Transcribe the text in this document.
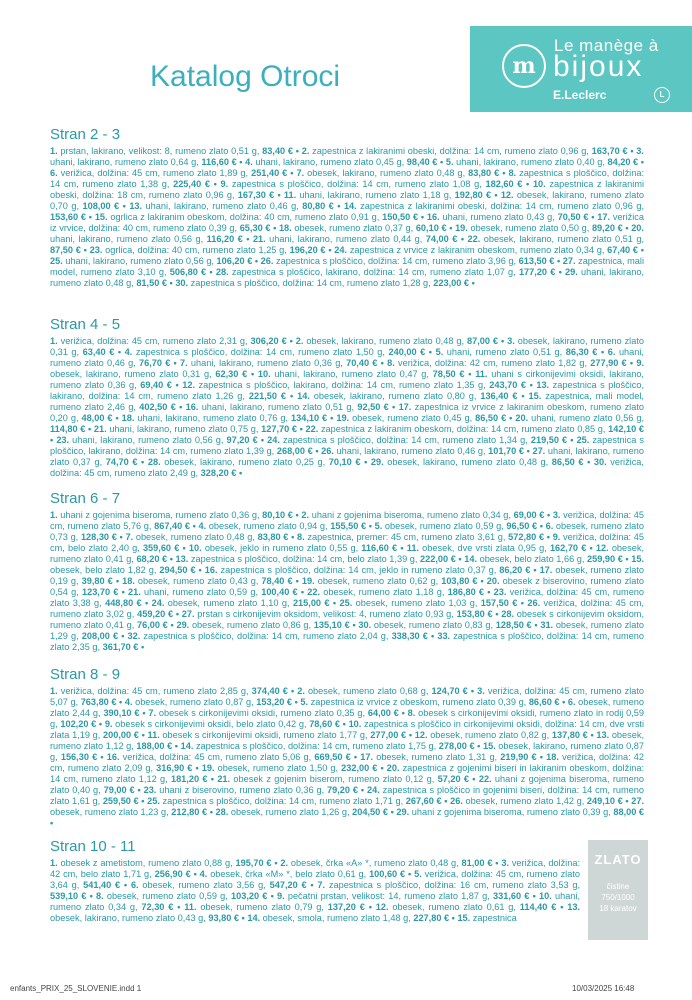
m
Le manège à
bijoux
E.Leclerc	L
Katalog Otroci
Stran 2 - 3

1. prstan, lakirano, velikost: 8, rumeno zlato 0,51 g, 83,40 € • 2. zapestnica z lakiranimi obeski, dolžina: 14 cm, rumeno zlato 0,96 g, 163,70 € • 3. uhani, lakirano, rumeno zlato 0,64 g, 116,60 € • 4. uhani, lakirano, rumeno zlato 0,45 g, 98,40 € • 5. uhani, lakirano, rumeno zlato 0,40 g, 84,20 € • 6. verižica, dolžina: 45 cm, rumeno zlato 1,89 g, 251,40 € • 7. obesek, lakirano, rumeno zlato 0,48 g, 83,80 € • 8. zapestnica s ploščico, dolžina: 14 cm, rumeno zlato 1,38 g, 225,40 € • 9. zapestnica s ploščico, dolžina: 14 cm, rumeno zlato 1,08 g, 182,60 € • 10. zapestnica z lakiranimi obeski, dolžina: 18 cm, rumeno zlato 0,96 g, 167,30 € • 11. uhani, lakirano, rumeno zlato 1,18 g, 192,80 € • 12. obesek, lakirano, rumeno zlato 0,70 g, 108,00 € • 13. uhani, lakirano, rumeno zlato 0,46 g, 80,80 € • 14. zapestnica z lakiranimi obeski, dolžina: 14 cm, rumeno zlato 0,96 g, 153,60 € • 15. ogrlica z lakiranim obeskom, dolžina: 40 cm, rumeno zlato 0,91 g, 150,50 € • 16. uhani, rumeno zlato 0,43 g, 70,50 € • 17. verižica iz vrvice, dolžina: 40 cm, rumeno zlato 0,39 g, 65,30 € • 18. obesek, rumeno zlato 0,37 g, 60,10 € • 19. obesek, rumeno zlato 0,50 g, 89,20 € • 20. uhani, lakirano, rumeno zlato 0,56 g, 116,20 € • 21. uhani, lakirano, rumeno zlato 0,44 g, 74,00 € • 22. obesek, lakirano, rumeno zlato 0,51 g, 87,50 € • 23. ogrlica, dolžina: 40 cm, rumeno zlato 1,25 g, 196,20 € • 24. zapestnica z vrvice z lakiranim obeskom, rumeno zlato 0,34 g, 67,40 € • 25. uhani, lakirano, rumeno zlato 0,56 g, 106,20 € • 26. zapestnica s ploščico, dolžina: 14 cm, rumeno zlato 3,96 g, 613,50 € • 27. zapestnica, mali model, rumeno zlato 3,10 g, 506,80 € • 28. zapestnica s ploščico, lakirano, dolžina: 14 cm, rumeno zlato 1,07 g, 177,20 € • 29. uhani, lakirano, rumeno zlato 0,48 g, 81,50 € • 30. zapestnica s ploščico, dolžina: 14 cm, rumeno zlato 1,28 g, 223,00 € •

Stran 4 - 5

1. verižica, dolžina: 45 cm, rumeno zlato 2,31 g, 306,20 € • 2. obesek, lakirano, rumeno zlato 0,48 g, 87,00 € • 3. obesek, lakirano, rumeno zlato 0,31 g, 63,40 € • 4. zapestnica s ploščico, dolžina: 14 cm, rumeno zlato 1,50 g, 240,00 € • 5. uhani, rumeno zlato 0,51 g, 86,30 € • 6. uhani, rumeno zlato 0,46 g, 76,70 € • 7. uhani, lakirano, rumeno zlato 0,36 g, 70,40 € • 8. verižica, dolžina: 42 cm, rumeno zlato 1,82 g, 277,90 € • 9. obesek, lakirano, rumeno zlato 0,31 g, 62,30 € • 10. uhani, lakirano, rumeno zlato 0,47 g, 78,50 € • 11. uhani s cirkonijevimi oksidi, lakirano, rumeno zlato 0,36 g, 69,40 € • 12. zapestnica s ploščico, lakirano, dolžina: 14 cm, rumeno zlato 1,35 g, 243,70 € • 13. zapestnica s ploščico, lakirano, dolžina: 14 cm, rumeno zlato 1,26 g, 221,50 € • 14. obesek, lakirano, rumeno zlato 0,80 g, 136,40 € • 15. zapestnica, mali model, rumeno zlato 2,46 g, 402,50 € • 16. uhani, lakirano, rumeno zlato 0,51 g, 92,50 € • 17. zapestnica iz vrvice z lakiranim obeskom, rumeno zlato 0,20 g, 48,00 € • 18. uhani, lakirano, rumeno zlato 0,76 g, 134,10 € • 19. obesek, rumeno zlato 0,45 g, 86,50 € • 20. uhani, rumeno zlato 0,56 g, 114,80 € • 21. uhani, lakirano, rumeno zlato 0,75 g, 127,70 € • 22. zapestnica z lakiranim obeskom, dolžina: 14 cm, rumeno zlato 0,85 g, 142,10 € • 23. uhani, lakirano, rumeno zlato 0,56 g, 97,20 € • 24. zapestnica s ploščico, dolžina: 14 cm, rumeno zlato 1,34 g, 219,50 € • 25. zapestnica s ploščico, lakirano, dolžina: 14 cm, rumeno zlato 1,39 g, 268,00 € • 26. uhani, lakirano, rumeno zlato 0,46 g, 101,70 € • 27. uhani, lakirano, rumeno zlato 0,37 g, 74,70 € • 28. obesek, lakirano, rumeno zlato 0,25 g, 70,10 € • 29. obesek, lakirano, rumeno zlato 0,48 g, 86,50 € • 30. verižica, dolžina: 45 cm, rumeno zlato 2,49 g, 328,20 € •

Stran 6 - 7

1. uhani z gojenima biseroma, rumeno zlato 0,36 g, 80,10 € • 2. uhani z gojenima biseroma, rumeno zlato 0,34 g, 69,00 € • 3. verižica, dolžina: 45 cm, rumeno zlato 5,76 g, 867,40 € • 4. obesek, rumeno zlato 0,94 g, 155,50 € • 5. obesek, rumeno zlato 0,59 g, 96,50 € • 6. obesek, rumeno zlato 0,73 g, 128,30 € • 7. obesek, rumeno zlato 0,48 g, 83,80 € • 8. zapestnica, premer: 45 cm, rumeno zlato 3,61 g, 572,80 € • 9. verižica, dolžina: 45 cm, belo zlato 2,40 g, 359,60 € • 10. obesek, jeklo in rumeno zlato 0,55 g, 116,60 € • 11. obesek, dve vrsti zlata 0,95 g, 162,70 € • 12. obesek, rumeno zlato 0,41 g, 68,20 € • 13. zapestnica s ploščico, dolžina: 14 cm, belo zlato 1,39 g, 222,00 € • 14. obesek, belo zlato 1,66 g, 259,90 € • 15. obesek, belo zlato 1,82 g, 294,50 € • 16. zapestnica s ploščico, dolžina: 14 cm, jeklo in rumeno zlato 0,37 g, 86,20 € • 17. obesek, rumeno zlato 0,19 g, 39,80 € • 18. obesek, rumeno zlato 0,43 g, 78,40 € • 19. obesek, rumeno zlato 0,62 g, 103,80 € • 20. obesek z biserovino, rumeno zlato 0,54 g, 123,70 € • 21. uhani, rumeno zlato 0,59 g, 100,40 € • 22. obesek, rumeno zlato 1,18 g, 186,80 € • 23. verižica, dolžina: 45 cm, rumeno zlato 3,38 g, 448,80 € • 24. obesek, rumeno zlato 1,10 g, 215,00 € • 25. obesek, rumeno zlato 1,03 g, 157,50 € • 26. verižica, dolžina: 45 cm, rumeno zlato 3,02 g, 459,20 € • 27. prstan s cirkonijevim oksidom, velikost: 4, rumeno zlato 0,93 g, 153,80 € • 28. obesek s cirkonijevim oksidom, rumeno zlato 0,41 g, 76,00 € • 29. obesek, rumeno zlato 0,86 g, 135,10 € • 30. obesek, rumeno zlato 0,83 g, 128,50 € • 31. obesek, rumeno zlato 1,29 g, 208,00 € • 32. zapestnica s ploščico, dolžina: 14 cm, rumeno zlato 2,04 g, 338,30 € • 33. zapestnica s ploščico, dolžina: 14 cm, rumeno zlato 2,35 g, 361,70 € •

Stran 8 - 9

1. verižica, dolžina: 45 cm, rumeno zlato 2,85 g, 374,40 € • 2. obesek, rumeno zlato 0,68 g, 124,70 € • 3. verižica, dolžina: 45 cm, rumeno zlato 5,07 g, 763,80 € • 4. obesek, rumeno zlato 0,87 g, 153,20 € • 5. zapestnica iz vrvice z obeskom, rumeno zlato 0,39 g, 86,60 € • 6. obesek, rumeno zlato 2,44 g, 390,10 € • 7. obesek s cirkonijevimi oksidi, rumeno zlato 0,35 g, 64,00 € • 8. obesek s cirkonijevimi oksidi, rumeno zlato in rodij 0,59 g, 102,20 € • 9. obesek s cirkonijevimi oksidi, belo zlato 0,42 g, 78,60 € • 10. zapestnica s ploščico in cirkonijevimi oksidi, dolžina: 14 cm, dve vrsti zlata 1,19 g, 200,00 € • 11. obesek s cirkonijevimi oksidi, rumeno zlato 1,77 g, 277,00 € • 12. obesek, rumeno zlato 0,82 g, 137,80 € • 13. obesek, rumeno zlato 1,12 g, 188,00 € • 14. zapestnica s ploščico, dolžina: 14 cm, rumeno zlato 1,75 g, 278,00 € • 15. obesek, lakirano, rumeno zlato 0,87 g, 156,30 € • 16. verižica, dolžina: 45 cm, rumeno zlato 5,06 g, 669,50 € • 17. obesek, rumeno zlato 1,31 g, 219,90 € • 18. verižica, dolžina: 42 cm, rumeno zlato 2,09 g, 316,90 € • 19. obesek, rumeno zlato 1,50 g, 232,00 € • 20. zapestnica z gojenimi biseri in lakiranim obeskom, dolžina: 14 cm, rumeno zlato 1,12 g, 181,20 € • 21. obesek z gojenim biserom, rumeno zlato 0,12 g, 57,20 € • 22. uhani z gojenima biseroma, rumeno zlato 0,40 g, 79,00 € • 23. uhani z biserovino, rumeno zlato 0,36 g, 79,20 € • 24. zapestnica s ploščico in gojenimi biseri, dolžina: 14 cm, rumeno zlato 1,61 g, 259,50 € • 25. zapestnica s ploščico, dolžina: 14 cm, rumeno zlato 1,71 g, 267,60 € • 26. obesek, rumeno zlato 1,42 g, 249,10 € • 27. obesek, rumeno zlato 1,23 g, 212,80 € • 28. obesek, rumeno zlato 1,26 g, 204,50 € • 29. uhani z gojenima biseroma, rumeno zlato 0,39 g, 88,00 € •

Stran 10 - 11

1. obesek z ametistom, rumeno zlato 0,88 g, 195,70 € • 2. obesek, črka «A» *, rumeno zlato 0,48 g, 81,00 € • 3. verižica, dolžina: 42 cm, belo zlato 1,71 g, 256,90 € • 4. obesek, črka «M» *, belo zlato 0,61 g, 100,60 € • 5. verižica, dolžina: 45 cm, rumeno zlato 3,64 g, 541,40 € • 6. obesek, rumeno zlato 3,56 g, 547,20 € • 7. zapestnica s ploščico, dolžina: 16 cm, rumeno zlato 3,53 g, 539,10 € • 8. obesek, rumeno zlato 0,59 g, 103,20 € • 9. pečatni prstan, velikost: 14, rumeno zlato 1,87 g, 331,60 € • 10. uhani, rumeno zlato 0,34 g, 72,30 € • 11. obesek, rumeno zlato 0,79 g, 137,20 € • 12. obesek, rumeno zlato 0,61 g, 114,40 € • 13. obesek, lakirano, rumeno zlato 0,43 g, 93,80 € • 14. obesek, smola, rumeno zlato 1,48 g, 227,80 € • 15. zapestnica

ZLATO
čistine
750/1000
18 karatov
enfants_PRIX_25_SLOVENIE.indd 1	10/03/2025 16:48
